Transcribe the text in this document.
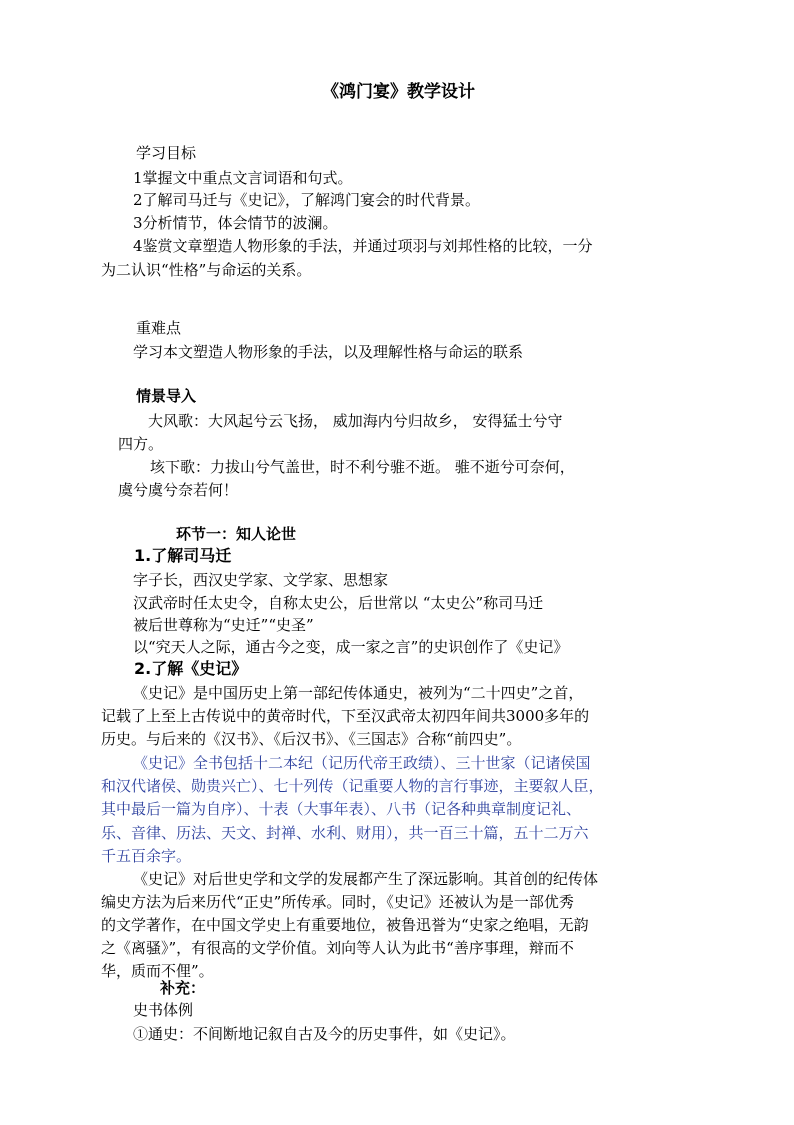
《鸿门宴》教学设计
学习目标
1掌握文中重点文言词语和句式。
2了解司马迁与《史记》，了解鸿门宴会的时代背景。
3分析情节，体会情节的波澜。
4鉴赏文章塑造人物形象的手法，并通过项羽与刘邦性格的比较，一分
为二认识“性格”与命运的关系。
重难点
学习本文塑造人物形象的手法，以及理解性格与命运的联系
情景导入
大风歌：大风起兮云飞扬， 威加海内兮归故乡， 安得猛士兮守
四方。
垓下歌：力拔山兮气盖世，时不利兮骓不逝。 骓不逝兮可奈何，
虞兮虞兮奈若何！
环节一：知人论世
1.了解司马迁
字子长，西汉史学家、文学家、思想家
汉武帝时任太史令，自称太史公，后世常以 “太史公”称司马迁
被后世尊称为“史迁”“史圣”
以“究天人之际，通古今之变，成一家之言”的史识创作了《史记》
2.了解《史记》
《史记》是中国历史上第一部纪传体通史，被列为“二十四史”之首，
记载了上至上古传说中的黄帝时代，下至汉武帝太初四年间共3000多年的
历史。与后来的《汉书》、《后汉书》、《三国志》合称“前四史”。
《史记》全书包括十二本纪（记历代帝王政绩）、三十世家（记诸侯国
和汉代诸侯、勋贵兴亡）、七十列传（记重要人物的言行事迹，主要叙人臣，
其中最后一篇为自序）、十表（大事年表）、八书（记各种典章制度记礼、
乐、音律、历法、天文、封禅、水利、财用），共一百三十篇，五十二万六
千五百余字。
《史记》对后世史学和文学的发展都产生了深远影响。其首创的纪传体
编史方法为后来历代“正史”所传承。同时，《史记》还被认为是一部优秀
的文学著作，在中国文学史上有重要地位，被鲁迅誉为“史家之绝唱，无韵
之《离骚》”，有很高的文学价值。刘向等人认为此书“善序事理，辩而不
华，质而不俚”。
补充：
史书体例
①通史：不间断地记叙自古及今的历史事件，如《史记》。
